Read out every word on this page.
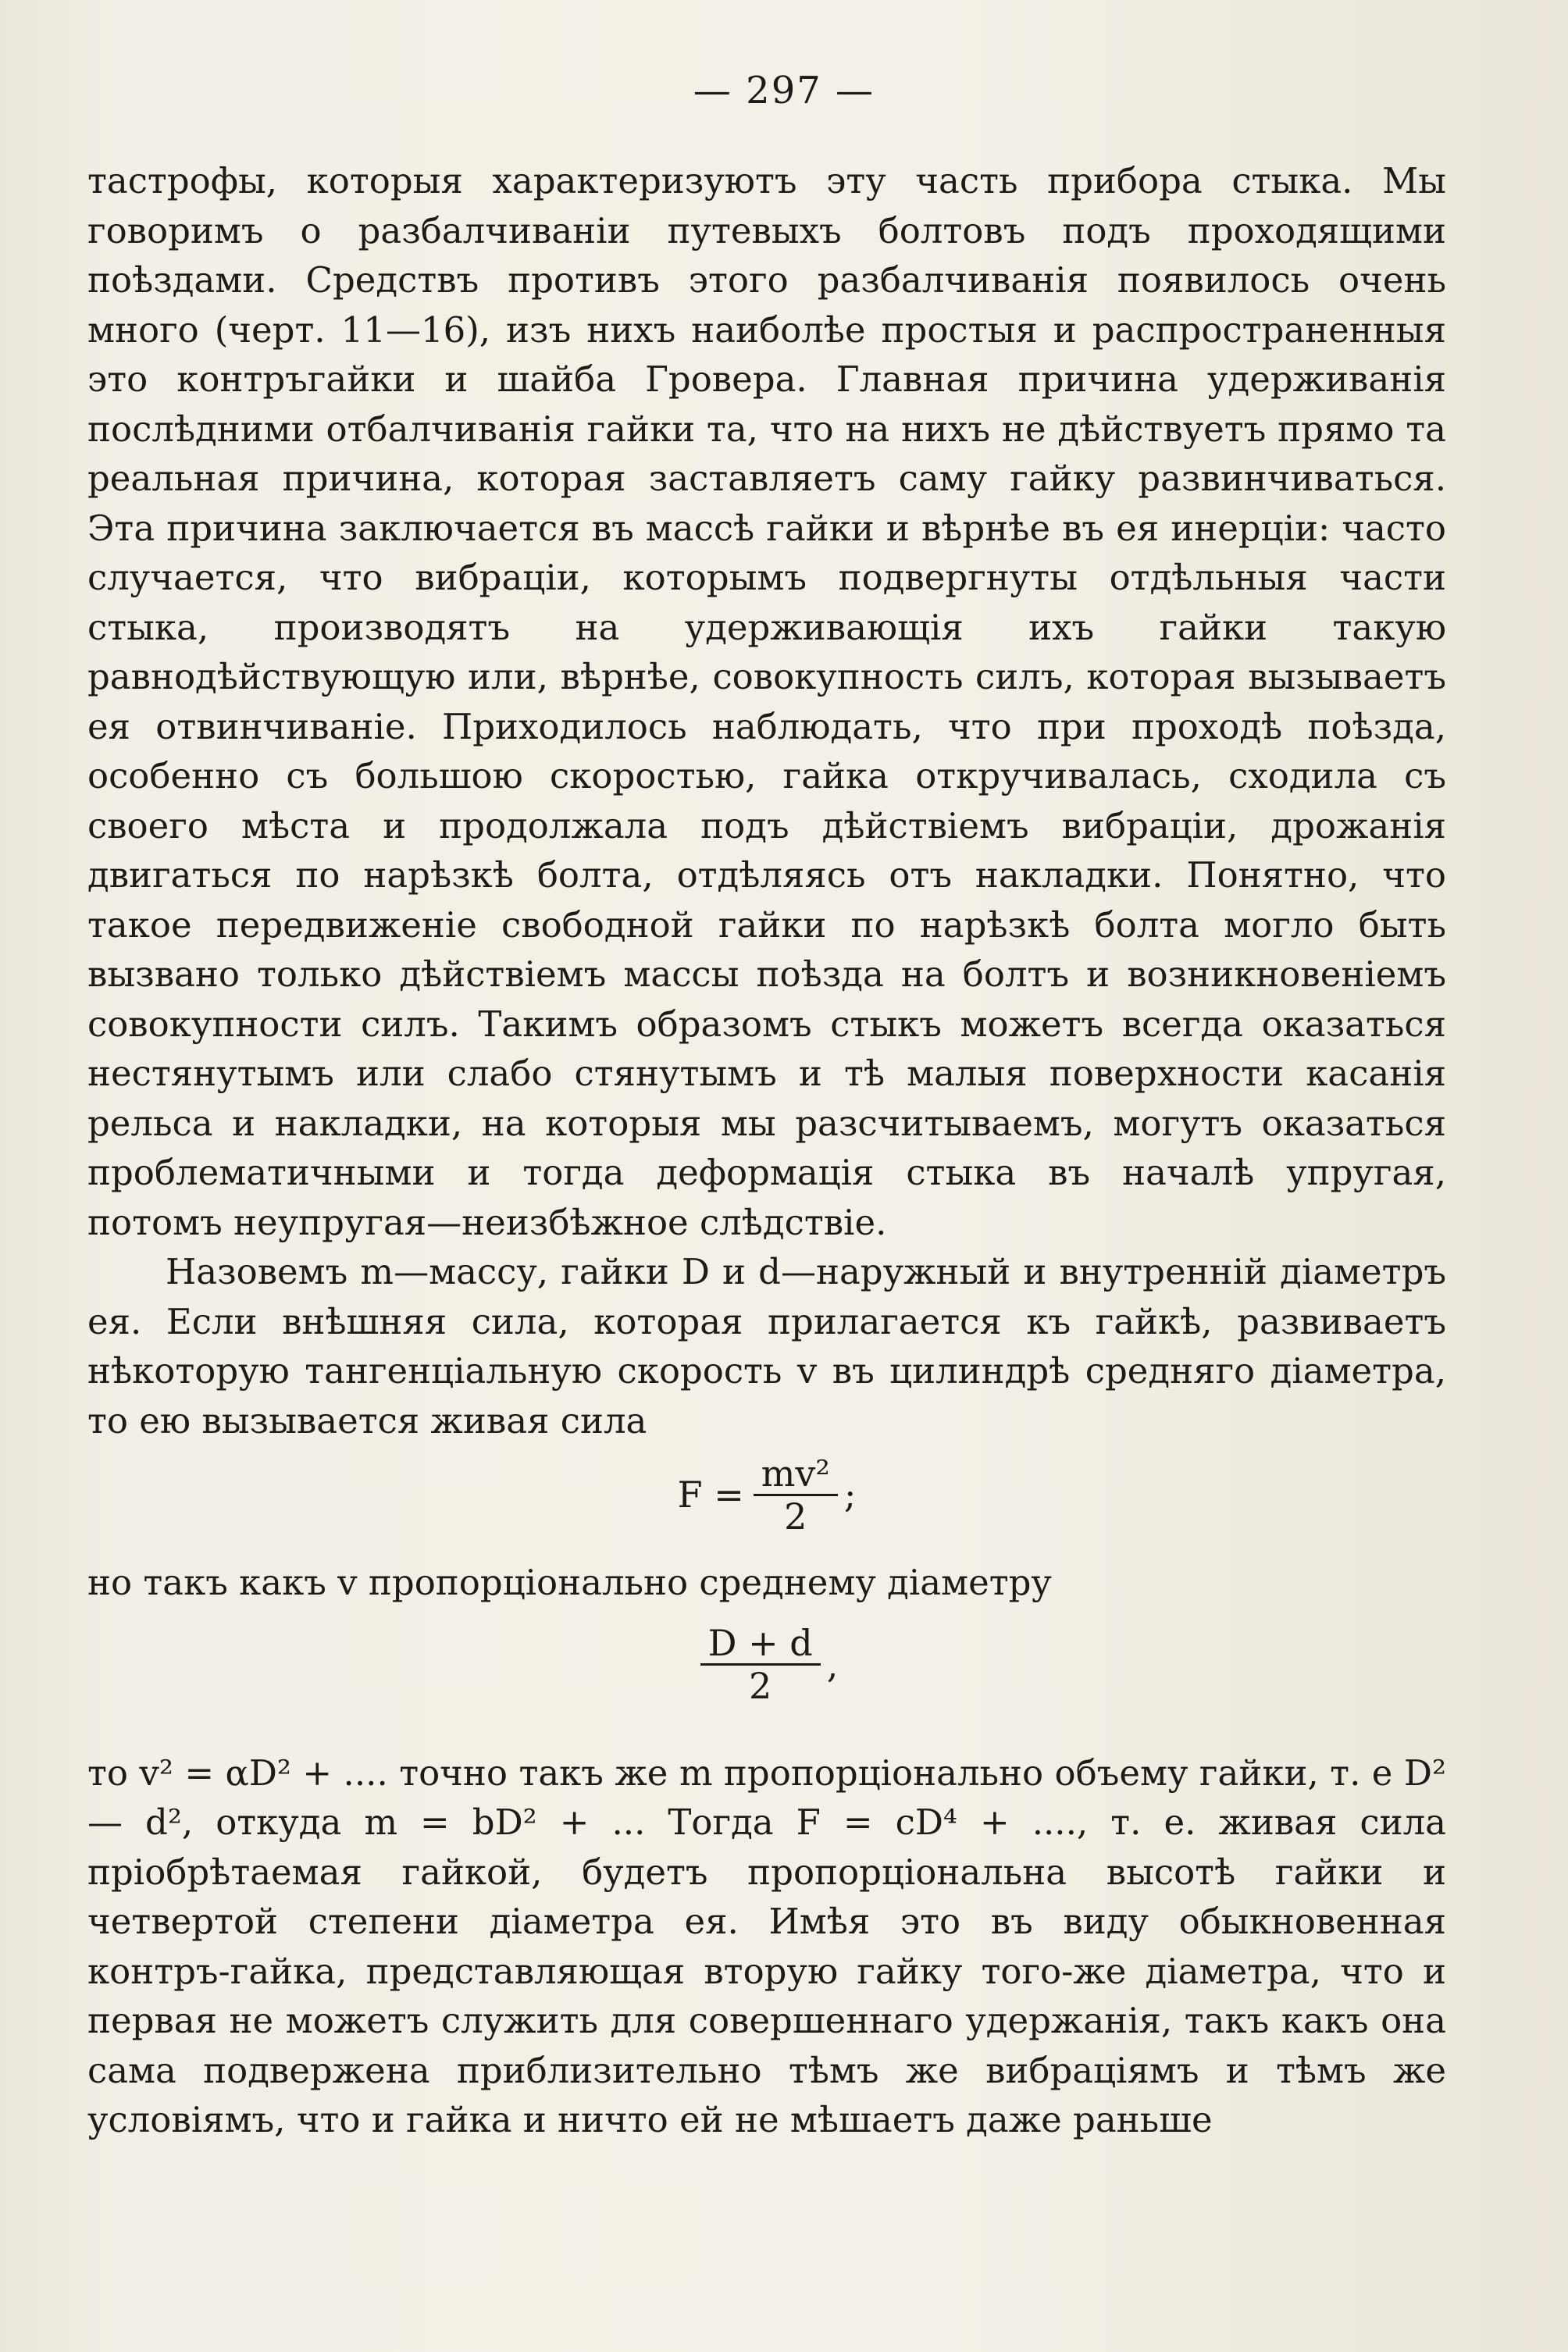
— 297 —

тастрофы, которыя характеризуютъ эту часть прибора стыка. Мы говоримъ о разбалчиваніи путевыхъ болтовъ подъ проходящими поѣздами. Средствъ противъ этого разбалчиванія появилось очень много (черт. 11—16), изъ нихъ наиболѣе простыя и распространенныя это контръгайки и шайба Гровера. Главная причина удерживанія послѣдними отбалчиванія гайки та, что на нихъ не дѣйствуетъ прямо та реальная причина, которая заставляетъ саму гайку развинчиваться. Эта причина заключается въ массѣ гайки и вѣрнѣе въ ея инерціи: часто случается, что вибраціи, которымъ подвергнуты отдѣльныя части стыка, производятъ на удерживающія ихъ гайки такую равнодѣйствующую или, вѣрнѣе, совокупность силъ, которая вызываетъ ея отвинчиваніе. Приходилось наблюдать, что при проходѣ поѣзда, особенно съ большою скоростью, гайка откручивалась, сходила съ своего мѣста и продолжала подъ дѣйствіемъ вибраціи, дрожанія двигаться по нарѣзкѣ болта, отдѣляясь отъ накладки. Понятно, что такое передвиженіе свободной гайки по нарѣзкѣ болта могло быть вызвано только дѣйствіемъ массы поѣзда на болтъ и возникновеніемъ совокупности силъ. Такимъ образомъ стыкъ можетъ всегда оказаться нестянутымъ или слабо стянутымъ и тѣ малыя поверхности касанія рельса и накладки, на которыя мы разсчитываемъ, могутъ оказаться проблематичными и тогда деформація стыка въ началѣ упругая, потомъ неупругая—неизбѣжное слѣдствіе.

Назовемъ m—массу, гайки D и d—наружный и внутренній діаметръ ея. Если внѣшняя сила, которая прилагается къ гайкѣ, развиваетъ нѣкоторую тангенціальную скорость v въ цилиндрѣ средняго діаметра, то ею вызывается живая сила

$F = \frac{\text{mv²}}{2}$ ;

но такъ какъ v пропорціонально среднему діаметру

$\frac{D + d}{2}$ ,

то v² = αD² + .... точно такъ же m пропорціонально объему гайки, т. е D² — d², откуда m = bD² + ... Тогда F = cD⁴ + ...., т. е. живая сила пріобрѣтаемая гайкой, будетъ пропорціональна высотѣ гайки и четвертой степени діаметра ея. Имѣя это въ виду обыкновенная контръ-гайка, представляющая вторую гайку того-же діаметра, что и первая не можетъ служить для совершеннаго удержанія, такъ какъ она сама подвержена приблизительно тѣмъ же вибраціямъ и тѣмъ же условіямъ, что и гайка и ничто ей не мѣшаетъ даже раньше
